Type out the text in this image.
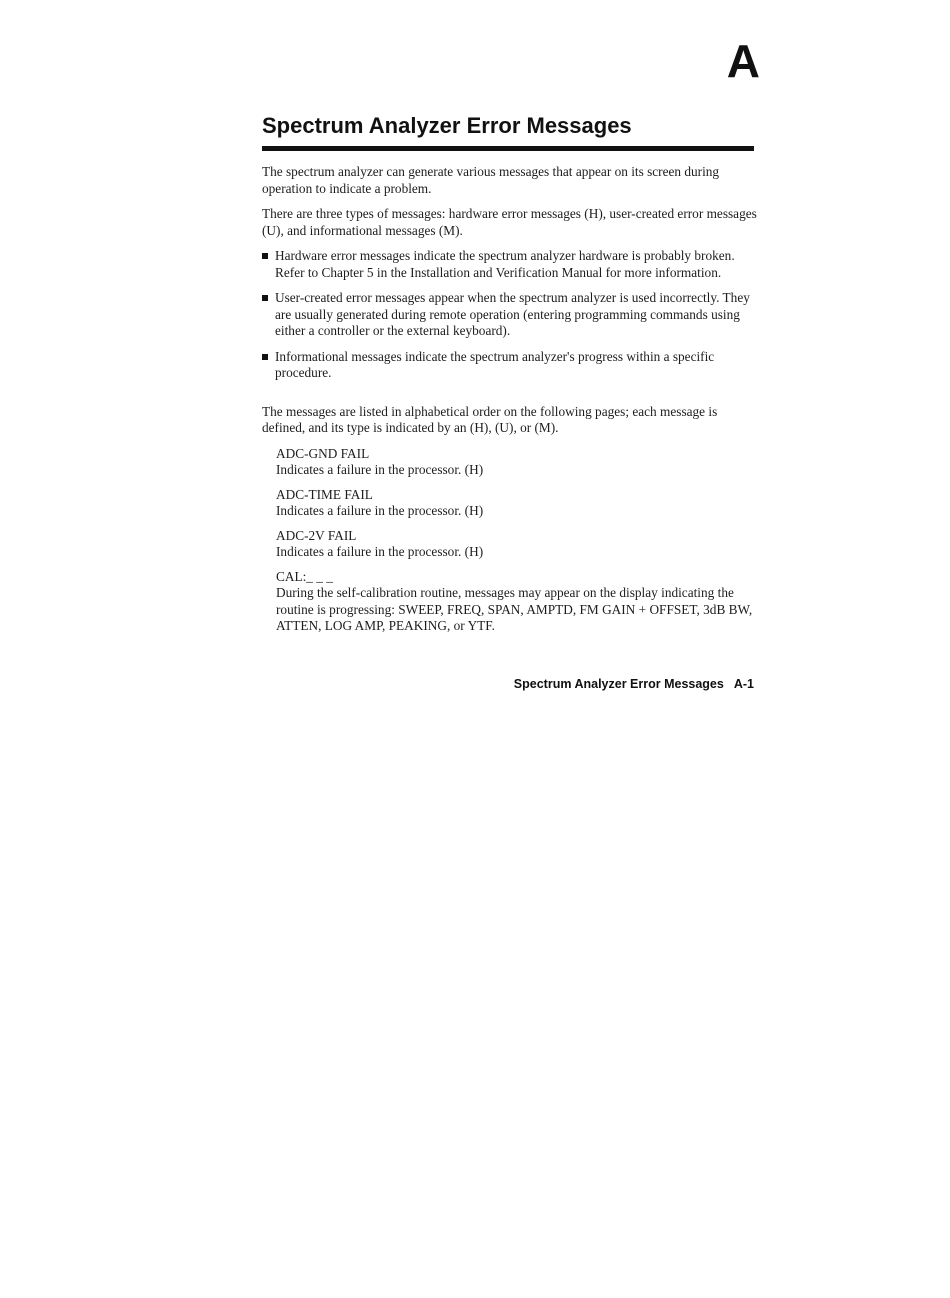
A
Spectrum Analyzer Error Messages

The spectrum analyzer can generate various messages that appear on its screen during operation to indicate a problem.

There are three types of messages: hardware error messages (H), user-created error messages (U), and informational messages (M).

Hardware error messages indicate the spectrum analyzer hardware is probably broken. Refer to Chapter 5 in the Installation and Verification Manual for more information.
User-created error messages appear when the spectrum analyzer is used incorrectly. They are usually generated during remote operation (entering programming commands using either a controller or the external keyboard).
Informational messages indicate the spectrum analyzer's progress within a specific procedure.

The messages are listed in alphabetical order on the following pages; each message is defined, and its type is indicated by an (H), (U), or (M).

ADC-GND FAIL
Indicates a failure in the processor. (H)
ADC-TIME FAIL
Indicates a failure in the processor. (H)
ADC-2V FAIL
Indicates a failure in the processor. (H)
CAL:_ _ _
During the self-calibration routine, messages may appear on the display indicating the routine is progressing: SWEEP, FREQ, SPAN, AMPTD, FM GAIN + OFFSET, 3dB BW, ATTEN, LOG AMP, PEAKING, or YTF.
Spectrum Analyzer Error Messages A-1
